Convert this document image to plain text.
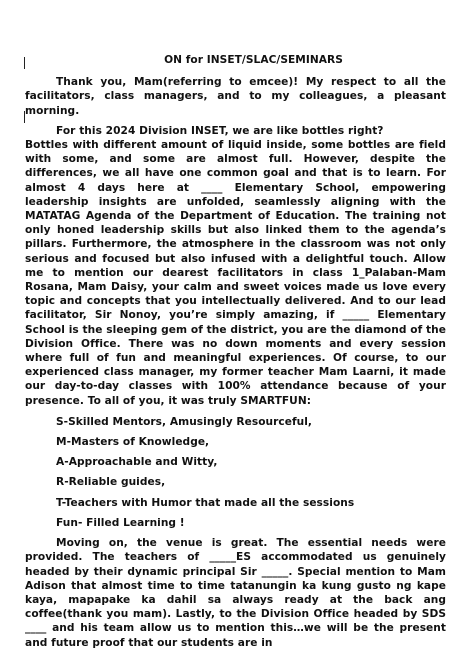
ON for INSET/SLAC/SEMINARS

Thank you, Mam(referring to emcee)! My respect to all the facilitators, class managers, and to my colleagues, a pleasant morning.

For this 2024 Division INSET, we are like bottles right?

Bottles with different amount of liquid inside, some bottles are field with some, and some are almost full. However, despite the differences, we all have one common goal and that is to learn. For almost 4 days here at ____ Elementary School, empowering leadership insights are unfolded, seamlessly aligning with the MATATAG Agenda of the Department of Education. The training not only honed leadership skills but also linked them to the agenda’s pillars. Furthermore, the atmosphere in the classroom was not only serious and focused but also infused with a delightful touch. Allow me to mention our dearest facilitators in class 1_Palaban-Mam Rosana, Mam Daisy, your calm and sweet voices made us love every topic and concepts that you intellectually delivered. And to our lead facilitator, Sir Nonoy, you’re simply amazing, if _____ Elementary School is the sleeping gem of the district, you are the diamond of the Division Office. There was no down moments and every session where full of fun and meaningful experiences. Of course, to our experienced class manager, my former teacher Mam Laarni, it made our day-to-day classes with 100% attendance because of your presence. To all of you, it was truly SMARTFUN:

S-Skilled Mentors, Amusingly Resourceful,
M-Masters of Knowledge,
A-Approachable and Witty,
R-Reliable guides,
T-Teachers with Humor that made all the sessions
Fun- Filled Learning !

Moving on, the venue is great. The essential needs were provided. The teachers of _____ES accommodated us genuinely headed by their dynamic principal Sir _____. Special mention to Mam Adison that almost time to time tatanungin ka kung gusto ng kape kaya, mapapake ka dahil sa always ready at the back ang coffee(thank you mam). Lastly, to the Division Office headed by SDS ____ and his team allow us to mention this…we will be the present and future proof that our students are in
